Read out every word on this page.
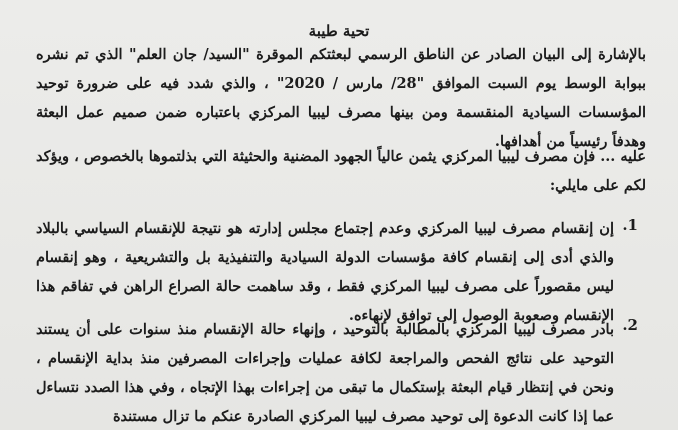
تحية طيبة
بالإشارة إلى البيان الصادر عن الناطق الرسمي لبعثتكم الموقرة "السيد/ جان العلم" الذي تم نشره ببوابة الوسط يوم السبت الموافق "28/ مارس / 2020" ، والذي شدد فيه على ضرورة توحيد المؤسسات السيادية المنقسمة ومن بينها مصرف ليبيا المركزي باعتباره ضمن صميم عمل البعثة وهدفاً رئيسياً من أهدافها.
عليه ... فإن مصرف ليبيا المركزي يثمن عالياً الجهود المضنية والحثيثة التي بذلتموها بالخصوص ، ويؤكد لكم على مايلي:
.1
إن إنقسام مصرف ليبيا المركزي وعدم إجتماع مجلس إدارته هو نتيجة للإنقسام السياسي بالبلاد والذي أدى إلى إنقسام كافة مؤسسات الدولة السيادية والتنفيذية بل والتشريعية ، وهو إنقسام ليس مقصوراً على مصرف ليبيا المركزي فقط ، وقد ساهمت حالة الصراع الراهن في تفاقم هذا الإنقسام وصعوبة الوصول إلى توافق لإنهاءه.
.2
بادر مصرف ليبيا المركزي بالمطالبة بالتوحيد ، وإنهاء حالة الإنقسام منذ سنوات على أن يستند التوحيد على نتائج الفحص والمراجعة لكافة عمليات وإجراءات المصرفين منذ بداية الإنقسام ، ونحن في إنتظار قيام البعثة بإستكمال ما تبقى من إجراءات بهذا الإتجاه ، وفي هذا الصدد نتساءل عما إذا كانت الدعوة إلى توحيد مصرف ليبيا المركزي الصادرة عنكم ما تزال مستندة
